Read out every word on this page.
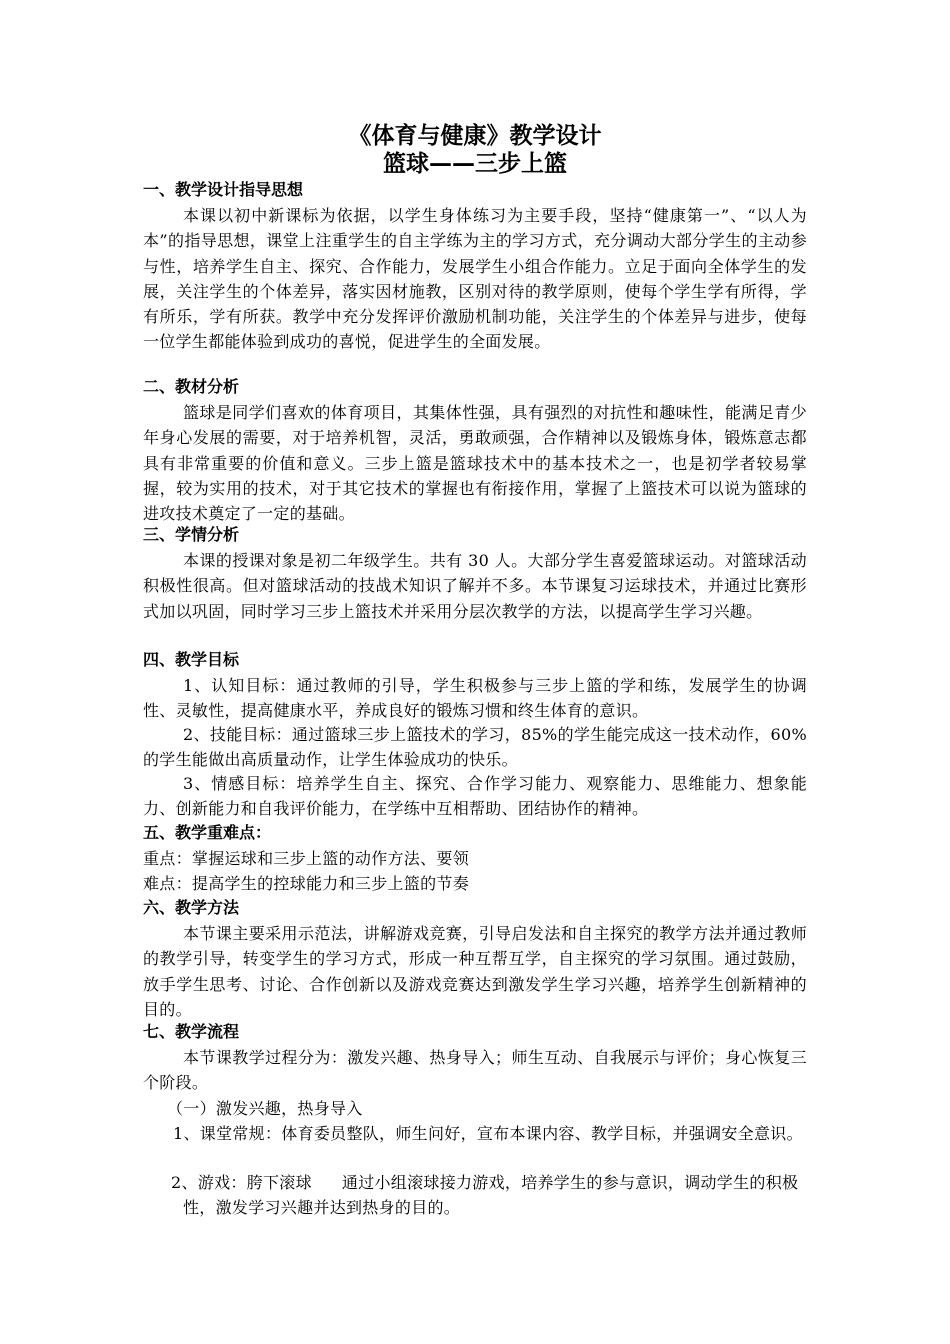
《体育与健康》教学设计
篮球——三步上篮
一、教学设计指导思想
本课以初中新课标为依据，以学生身体练习为主要手段，坚持“健康第一”、“以人为本”的指导思想，课堂上注重学生的自主学练为主的学习方式，充分调动大部分学生的主动参与性，培养学生自主、探究、合作能力，发展学生小组合作能力。立足于面向全体学生的发展，关注学生的个体差异，落实因材施教，区别对待的教学原则，使每个学生学有所得，学有所乐，学有所获。教学中充分发挥评价激励机制功能，关注学生的个体差异与进步，使每一位学生都能体验到成功的喜悦，促进学生的全面发展。
二、教材分析
篮球是同学们喜欢的体育项目，其集体性强，具有强烈的对抗性和趣味性，能满足青少年身心发展的需要，对于培养机智，灵活，勇敢顽强，合作精神以及锻炼身体，锻炼意志都具有非常重要的价值和意义。三步上篮是篮球技术中的基本技术之一，也是初学者较易掌握，较为实用的技术，对于其它技术的掌握也有衔接作用，掌握了上篮技术可以说为篮球的进攻技术奠定了一定的基础。
三、学情分析
本课的授课对象是初二年级学生。共有 30 人。大部分学生喜爱篮球运动。对篮球活动积极性很高。但对篮球活动的技战术知识了解并不多。本节课复习运球技术，并通过比赛形式加以巩固，同时学习三步上篮技术并采用分层次教学的方法，以提高学生学习兴趣。
四、教学目标
1、认知目标：通过教师的引导，学生积极参与三步上篮的学和练，发展学生的协调性、灵敏性，提高健康水平，养成良好的锻炼习惯和终生体育的意识。
2、技能目标：通过篮球三步上篮技术的学习，85%的学生能完成这一技术动作，60%的学生能做出高质量动作，让学生体验成功的快乐。
3、情感目标：培养学生自主、探究、合作学习能力、观察能力、思维能力、想象能力、创新能力和自我评价能力，在学练中互相帮助、团结协作的精神。
五、教学重难点：
重点：掌握运球和三步上篮的动作方法、要领
难点：提高学生的控球能力和三步上篮的节奏
六、教学方法
本节课主要采用示范法，讲解游戏竞赛，引导启发法和自主探究的教学方法并通过教师的教学引导，转变学生的学习方式，形成一种互帮互学，自主探究的学习氛围。通过鼓励，放手学生思考、讨论、合作创新以及游戏竞赛达到激发学生学习兴趣，培养学生创新精神的目的。
七、教学流程
本节课教学过程分为：激发兴趣、热身导入；师生互动、自我展示与评价；身心恢复三个阶段。
（一）激发兴趣，热身导入
1、课堂常规：体育委员整队，师生问好，宣布本课内容、教学目标，并强调安全意识。
2、游戏：胯下滚球 通过小组滚球接力游戏，培养学生的参与意识，调动学生的积极性，激发学习兴趣并达到热身的目的。
